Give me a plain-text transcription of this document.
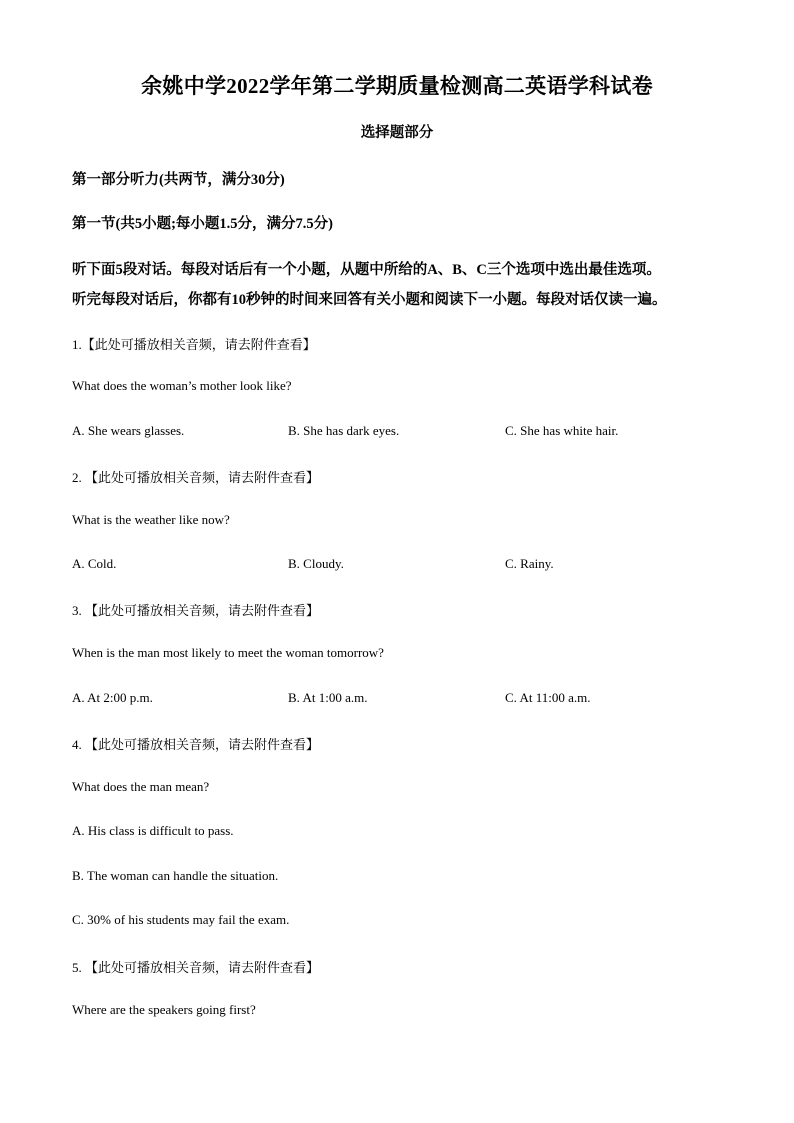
余姚中学2022学年第二学期质量检测高二英语学科试卷
选择题部分
第一部分听力(共两节，满分30分)
第一节(共5小题;每小题1.5分，满分7.5分)
听下面5段对话。每段对话后有一个小题，从题中所给的A、B、C三个选项中选出最佳选项。
听完每段对话后，你都有10秒钟的时间来回答有关小题和阅读下一小题。每段对话仅读一遍。
1.【此处可播放相关音频，请去附件查看】
What does the woman’s mother look like?
A. She wears glasses.	B. She has dark eyes.	C. She has white hair.
2. 【此处可播放相关音频，请去附件查看】
What is the weather like now?
A. Cold.	B. Cloudy.	C. Rainy.
3. 【此处可播放相关音频，请去附件查看】
When is the man most likely to meet the woman tomorrow?
A. At 2:00 p.m.	B. At 1:00 a.m.	C. At 11:00 a.m.
4. 【此处可播放相关音频，请去附件查看】
What does the man mean?
A. His class is difficult to pass.
B. The woman can handle the situation.
C. 30% of his students may fail the exam.
5. 【此处可播放相关音频，请去附件查看】
Where are the speakers going first?
